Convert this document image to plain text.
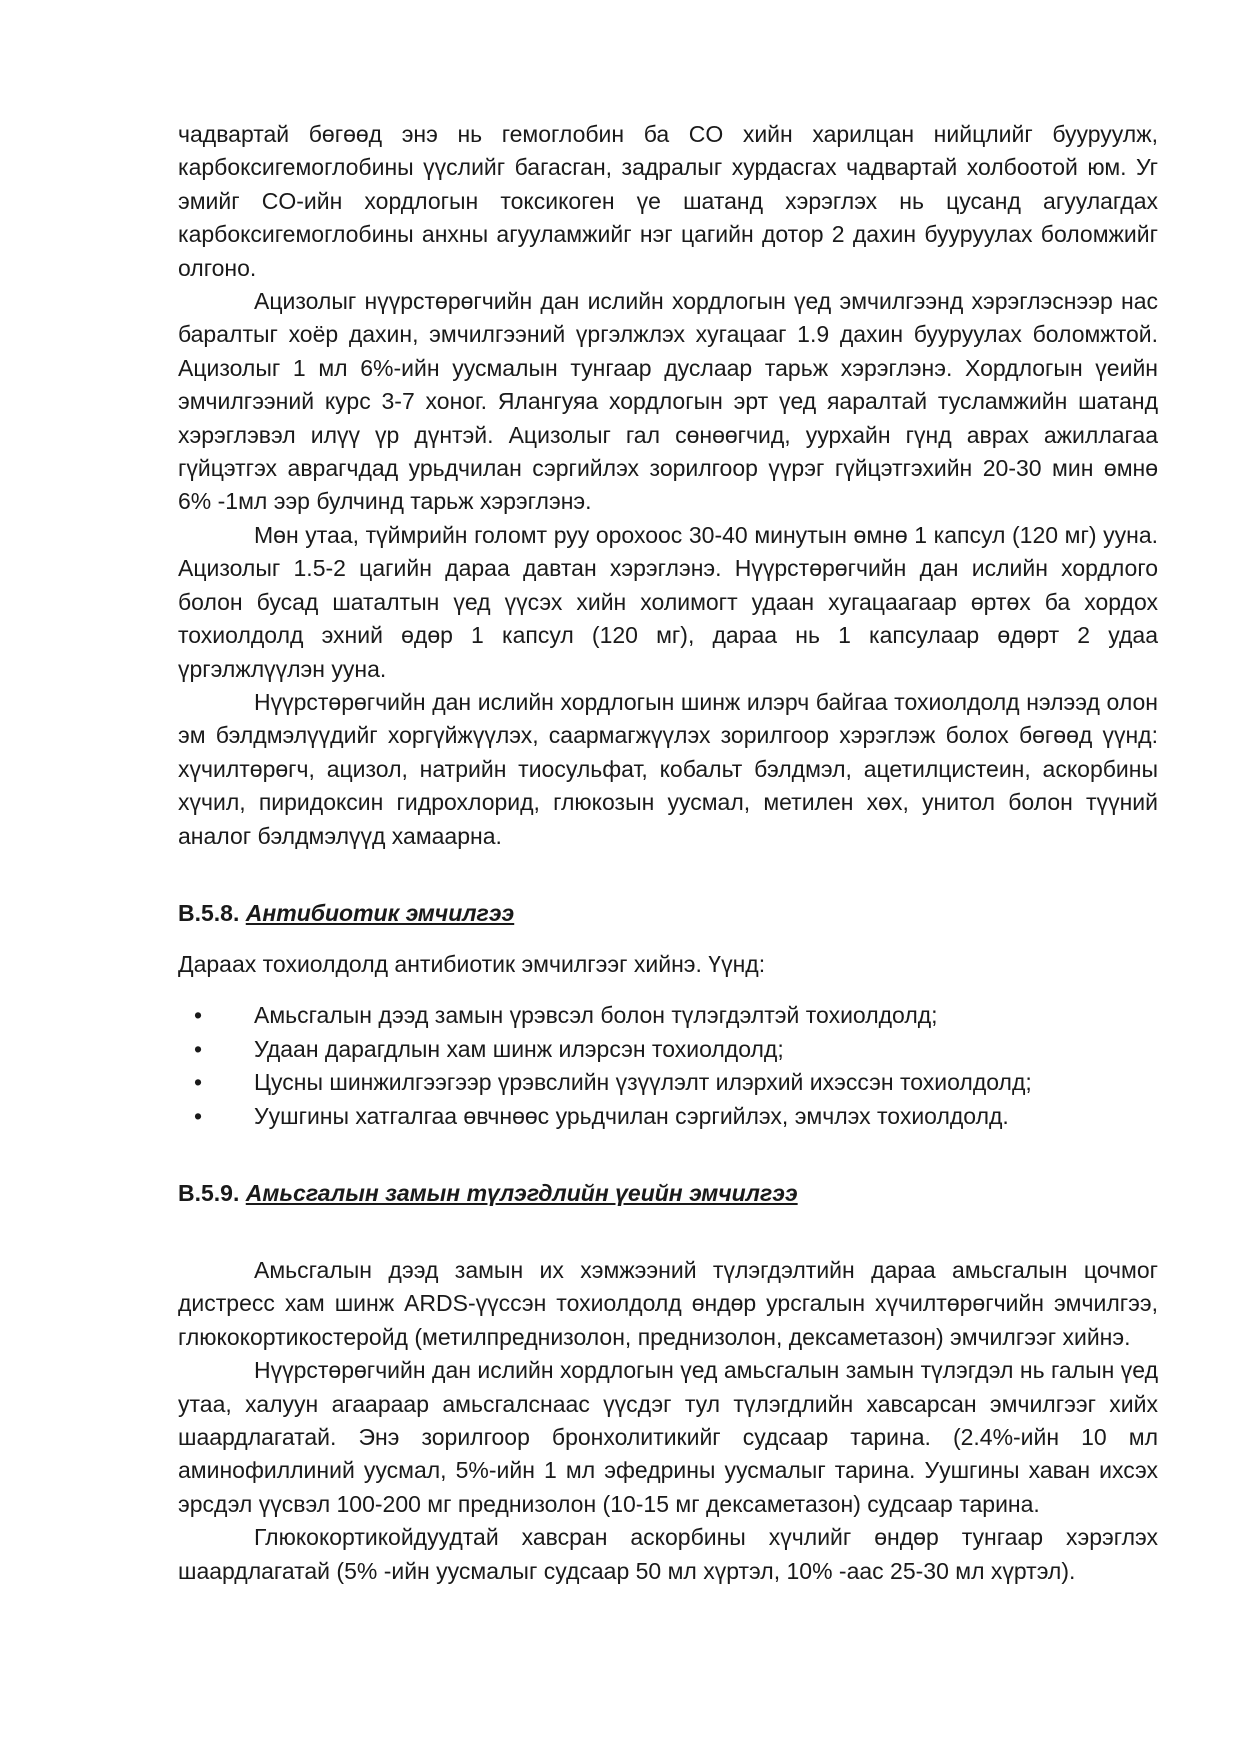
чадвартай бөгөөд энэ нь гемоглобин ба CO хийн харилцан нийцлийг бууруулж, карбоксигемоглобины үүслийг багасган, задралыг хурдасгах чадвартай холбоотой юм. Уг эмийг CO-ийн хордлогын токсикоген үе шатанд хэрэглэх нь цусанд агуулагдах карбоксигемоглобины анхны агууламжийг нэг цагийн дотор 2 дахин бууруулах боломжийг олгоно.

Ацизолыг нүүрстөрөгчийн дан ислийн хордлогын үед эмчилгээнд хэрэглэснээр нас баралтыг хоёр дахин, эмчилгээний үргэлжлэх хугацааг 1.9 дахин бууруулах боломжтой. Ацизолыг 1 мл 6%-ийн уусмалын тунгаар дуслаар тарьж хэрэглэнэ. Хордлогын үеийн эмчилгээний курс 3-7 хоног. Ялангуяа хордлогын эрт үед яаралтай тусламжийн шатанд хэрэглэвэл илүү үр дүнтэй. Ацизолыг гал сөнөөгчид, уурхайн гүнд аврах ажиллагаа гүйцэтгэх аврагчдад урьдчилан сэргийлэх зорилгоор үүрэг гүйцэтгэхийн 20-30 мин өмнө 6% -1мл ээр булчинд тарьж хэрэглэнэ.

Мөн утаа, түймрийн голомт руу орохоос 30-40 минутын өмнө 1 капсул (120 мг) ууна. Ацизолыг 1.5-2 цагийн дараа давтан хэрэглэнэ. Нүүрстөрөгчийн дан ислийн хордлого болон бусад шаталтын үед үүсэх хийн холимогт удаан хугацаагаар өртөх ба хордох тохиолдолд эхний өдөр 1 капсул (120 мг), дараа нь 1 капсулаар өдөрт 2 удаа үргэлжлүүлэн ууна.

Нүүрстөрөгчийн дан ислийн хордлогын шинж илэрч байгаа тохиолдолд нэлээд олон эм бэлдмэлүүдийг хоргүйжүүлэх, саармагжүүлэх зорилгоор хэрэглэж болох бөгөөд үүнд: хүчилтөрөгч, ацизол, натрийн тиосульфат, кобальт бэлдмэл, ацетилцистеин, аскорбины хүчил, пиридоксин гидрохлорид, глюкозын уусмал, метилен хөх, унитол болон түүний аналог бэлдмэлүүд хамаарна.

B.5.8. Антибиотик эмчилгээ

Дараах тохиолдолд антибиотик эмчилгээг хийнэ. Үүнд:

• Амьсгалын дээд замын үрэвсэл болон түлэгдэлтэй тохиолдолд;
• Удаан дарагдлын хам шинж илэрсэн тохиолдолд;
• Цусны шинжилгээгээр үрэвслийн үзүүлэлт илэрхий ихэссэн тохиолдолд;
• Уушгины хатгалгаа өвчнөөс урьдчилан сэргийлэх, эмчлэх тохиолдолд.
B.5.9. Амьсгалын замын түлэгдлийн үеийн эмчилгээ

Амьсгалын дээд замын их хэмжээний түлэгдэлтийн дараа амьсгалын цочмог дистресс хам шинж ARDS-үүссэн тохиолдолд өндөр урсгалын хүчилтөрөгчийн эмчилгээ, глюкокортикостеройд (метилпреднизолон, преднизолон, дексаметазон) эмчилгээг хийнэ.

Нүүрстөрөгчийн дан ислийн хордлогын үед амьсгалын замын түлэгдэл нь галын үед утаа, халуун агаараар амьсгалснаас үүсдэг тул түлэгдлийн хавсарсан эмчилгээг хийх шаардлагатай. Энэ зорилгоор бронхолитикийг судсаар тарина. (2.4%-ийн 10 мл аминофиллиний уусмал, 5%-ийн 1 мл эфедрины уусмалыг тарина. Уушгины хаван ихсэх эрсдэл үүсвэл 100-200 мг преднизолон (10-15 мг дексаметазон) судсаар тарина.

Глюкокортикойдуудтай хавсран аскорбины хүчлийг өндөр тунгаар хэрэглэх шаардлагатай (5% -ийн уусмалыг судсаар 50 мл хүртэл, 10% -аас 25-30 мл хүртэл).
